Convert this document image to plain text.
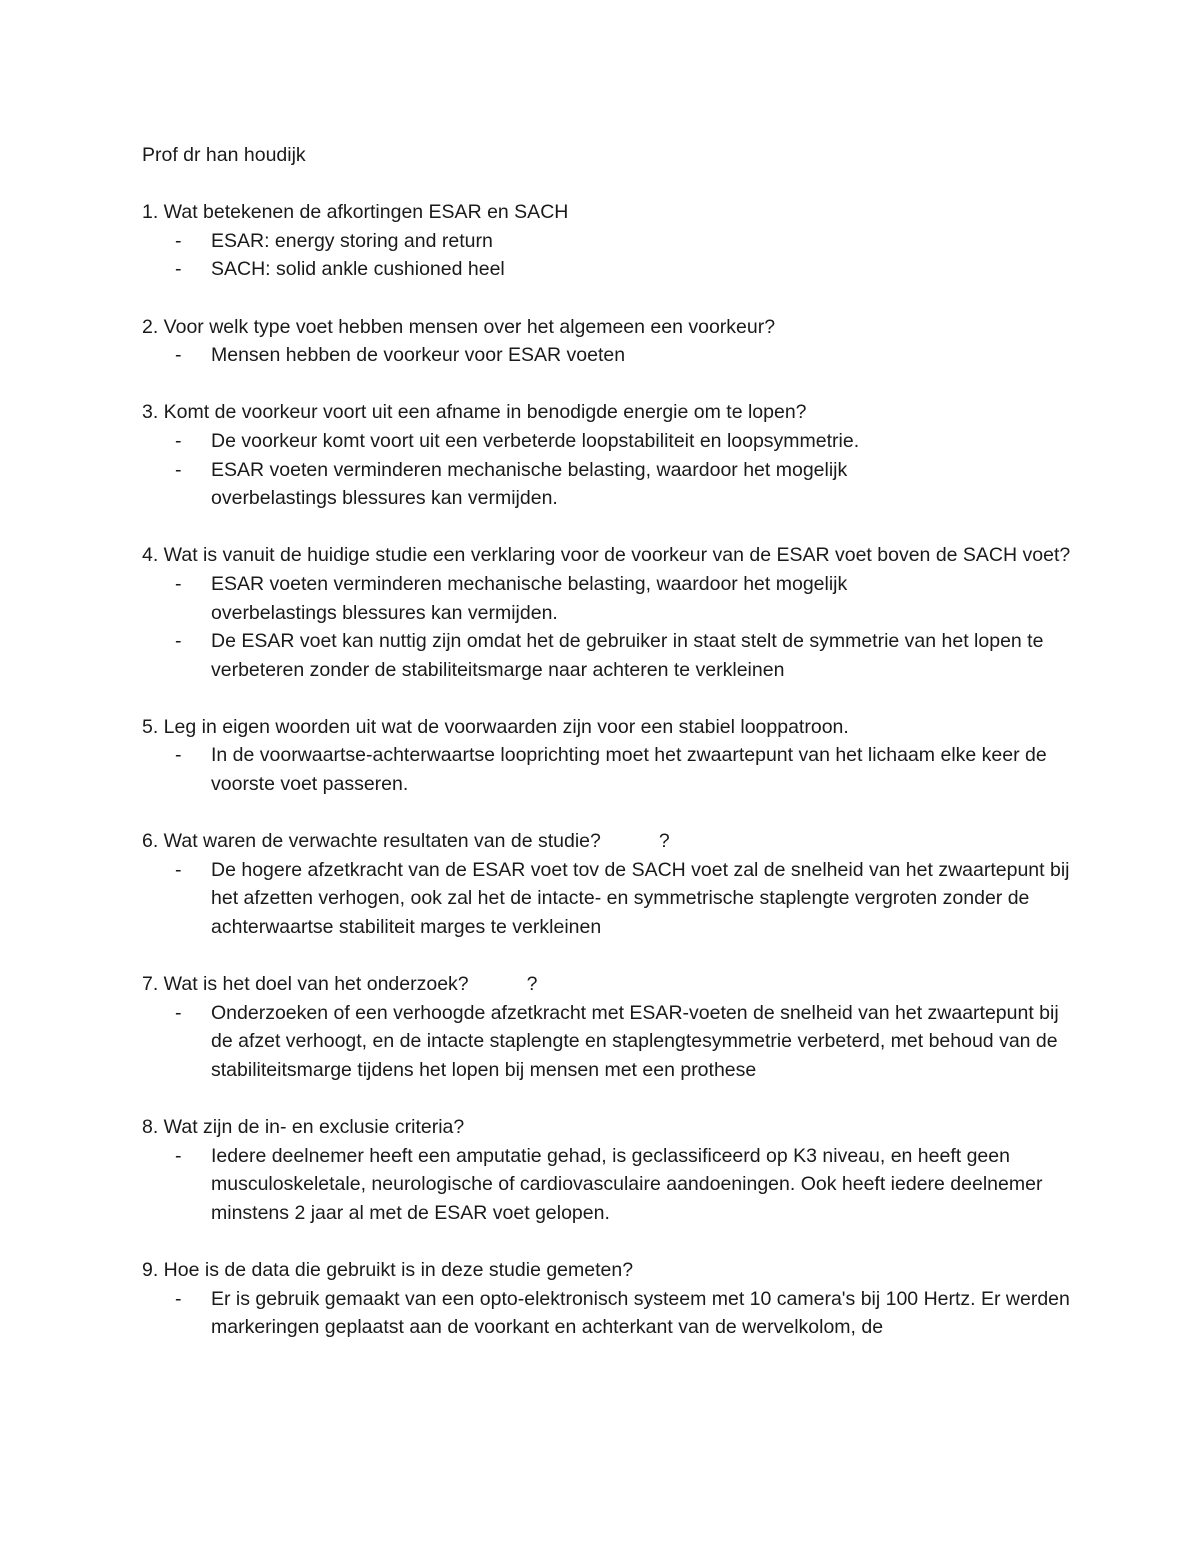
Prof dr han houdijk
1. Wat betekenen de afkortingen ESAR en SACH
- ESAR: energy storing and return
- SACH: solid ankle cushioned heel
2. Voor welk type voet hebben mensen over het algemeen een voorkeur?
- Mensen hebben de voorkeur voor ESAR voeten
3. Komt de voorkeur voort uit een afname in benodigde energie om te lopen?
- De voorkeur komt voort uit een verbeterde loopstabiliteit en loopsymmetrie.
- ESAR voeten verminderen mechanische belasting, waardoor het mogelijk overbelastings blessures kan vermijden.
4. Wat is vanuit de huidige studie een verklaring voor de voorkeur van de ESAR voet boven de SACH voet?
- ESAR voeten verminderen mechanische belasting, waardoor het mogelijk overbelastings blessures kan vermijden.
- De ESAR voet kan nuttig zijn omdat het de gebruiker in staat stelt de symmetrie van het lopen te verbeteren zonder de stabiliteitsmarge naar achteren te verkleinen
5. Leg in eigen woorden uit wat de voorwaarden zijn voor een stabiel looppatroon.
- In de voorwaartse-achterwaartse looprichting moet het zwaartepunt van het lichaam elke keer de voorste voet passeren.
6. Wat waren de verwachte resultaten van de studie?	?
- De hogere afzetkracht van de ESAR voet tov de SACH voet zal de snelheid van het zwaartepunt bij het afzetten verhogen, ook zal het de intacte- en symmetrische staplengte vergroten zonder de achterwaartse stabiliteit marges te verkleinen
7. Wat is het doel van het onderzoek?	?
- Onderzoeken of een verhoogde afzetkracht met ESAR-voeten de snelheid van het zwaartepunt bij de afzet verhoogt, en de intacte staplengte en staplengtesymmetrie verbeterd, met behoud van de stabiliteitsmarge tijdens het lopen bij mensen met een prothese
8. Wat zijn de in- en exclusie criteria?
- Iedere deelnemer heeft een amputatie gehad, is geclassificeerd op K3 niveau, en heeft geen musculoskeletale, neurologische of cardiovasculaire aandoeningen. Ook heeft iedere deelnemer minstens 2 jaar al met de ESAR voet gelopen.
9. Hoe is de data die gebruikt is in deze studie gemeten?
- Er is gebruik gemaakt van een opto-elektronisch systeem met 10 camera's bij 100 Hertz. Er werden markeringen geplaatst aan de voorkant en achterkant van de wervelkolom, de
